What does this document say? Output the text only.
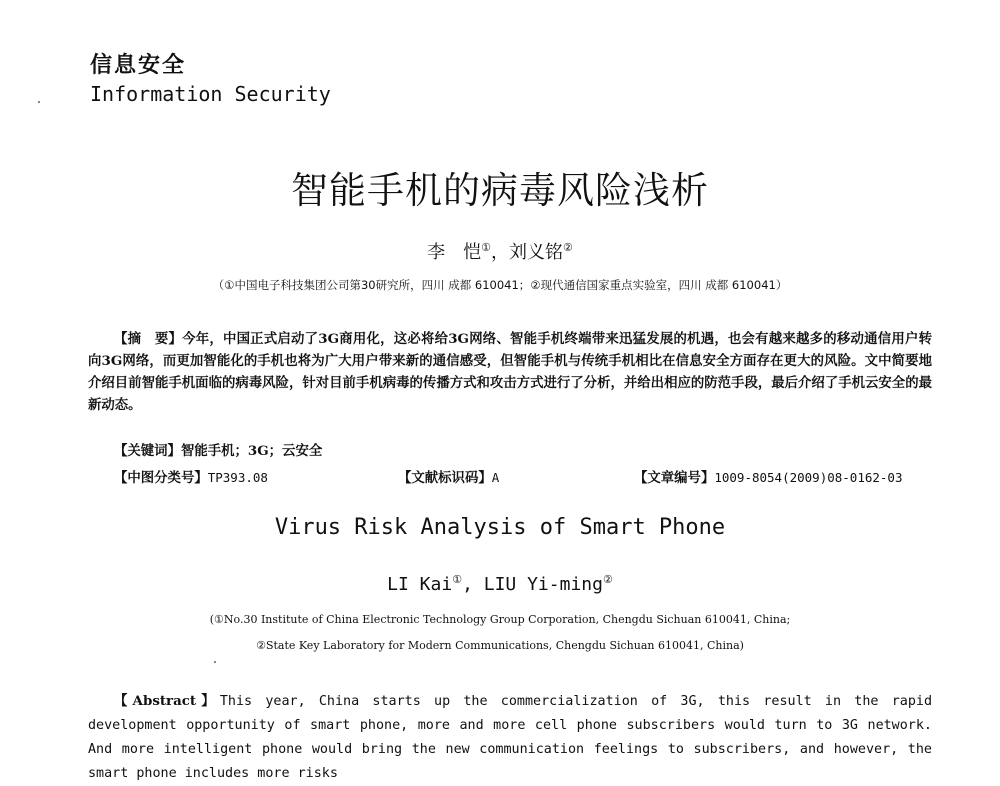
信息安全
Information Security
智能手机的病毒风险浅析
李　恺①，刘义铭②
（①中国电子科技集团公司第30研究所，四川 成都 610041；②现代通信国家重点实验室，四川 成都 610041）
【摘　要】今年，中国正式启动了3G商用化，这必将给3G网络、智能手机终端带来迅猛发展的机遇，也会有越来越多的移动通信用户转向3G网络，而更加智能化的手机也将为广大用户带来新的通信感受，但智能手机与传统手机相比在信息安全方面存在更大的风险。文中简要地介绍目前智能手机面临的病毒风险，针对目前手机病毒的传播方式和攻击方式进行了分析，并给出相应的防范手段，最后介绍了手机云安全的最新动态。
【关键词】智能手机；3G；云安全
【中图分类号】TP393.08	【文献标识码】A	【文章编号】1009-8054(2009)08-0162-03
Virus Risk Analysis of Smart Phone
LI Kai①, LIU Yi-ming②
(①No.30 Institute of China Electronic Technology Group Corporation, Chengdu Sichuan 610041, China;
②State Key Laboratory for Modern Communications, Chengdu Sichuan 610041, China)
【Abstract】This year, China starts up the commercialization of 3G, this result in the rapid development opportunity of smart phone, more and more cell phone subscribers would turn to 3G network. And more intelligent phone would bring the new communication feelings to subscribers, and however, the smart phone includes more risks
